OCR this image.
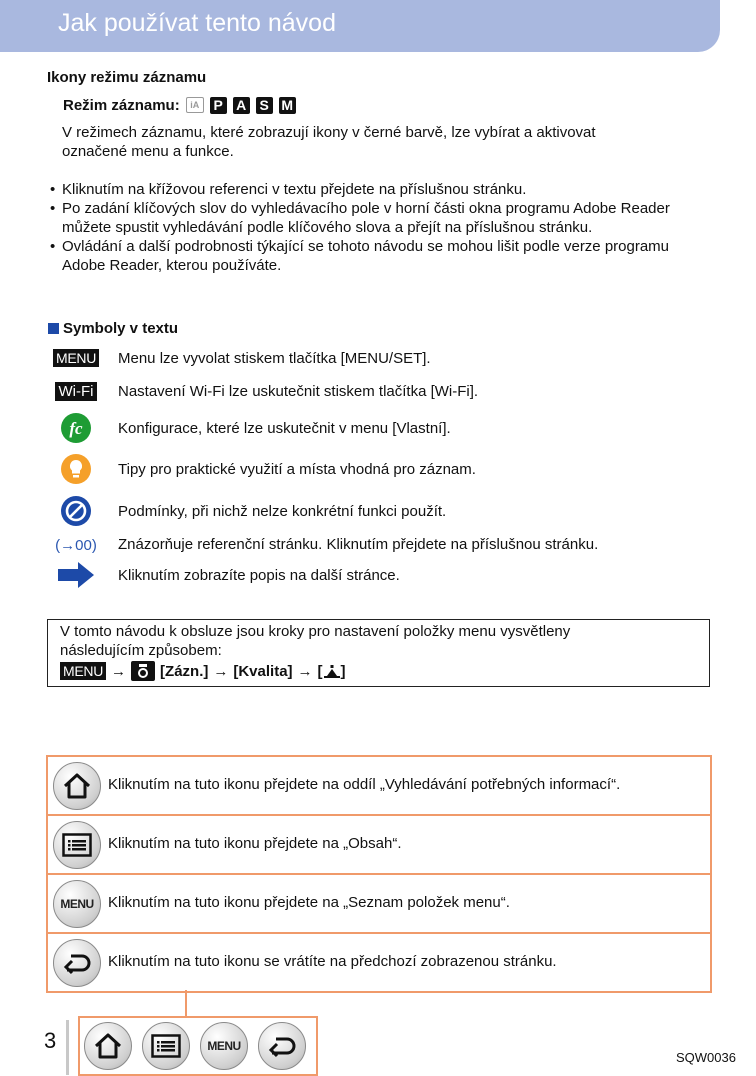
Jak používat tento návod
Ikony režimu záznamu
Režim záznamu:	iA	P A S M
V režimech záznamu, které zobrazují ikony v černé barvě, lze vybírat a aktivovat
označené menu a funkce.
• Kliknutím na křížovou referenci v textu přejdete na příslušnou stránku.
• Po zadání klíčových slov do vyhledávacího pole v horní části okna programu Adobe Reader můžete spustit vyhledávání podle klíčového slova a přejít na příslušnou stránku.
• Ovládání a další podrobnosti týkající se tohoto návodu se mohou lišit podle verze programu Adobe Reader, kterou používáte.
Symboly v textu
MENU Menu lze vyvolat stiskem tlačítka [MENU/SET].
Wi-Fi Nastavení Wi-Fi lze uskutečnit stiskem tlačítka [Wi-Fi].
fc Konfigurace, které lze uskutečnit v menu [Vlastní].
Tipy pro praktické využití a místa vhodná pro záznam.
Podmínky, při nichž nelze konkrétní funkci použít.
(→00) Znázorňuje referenční stránku. Kliknutím přejdete na příslušnou stránku.
Kliknutím zobrazíte popis na další stránce.
V tomto návodu k obsluze jsou kroky pro nastavení položky menu vysvětleny
následujícím způsobem:
MENU → [Zázn.] → [Kvalita] → [ ]
Kliknutím na tuto ikonu přejdete na oddíl „Vyhledávání potřebných informací“.
Kliknutím na tuto ikonu přejdete na „Obsah“.
MENU Kliknutím na tuto ikonu přejdete na „Seznam položek menu“.
Kliknutím na tuto ikonu se vrátíte na předchozí zobrazenou stránku.
3	MENU
SQW0036
